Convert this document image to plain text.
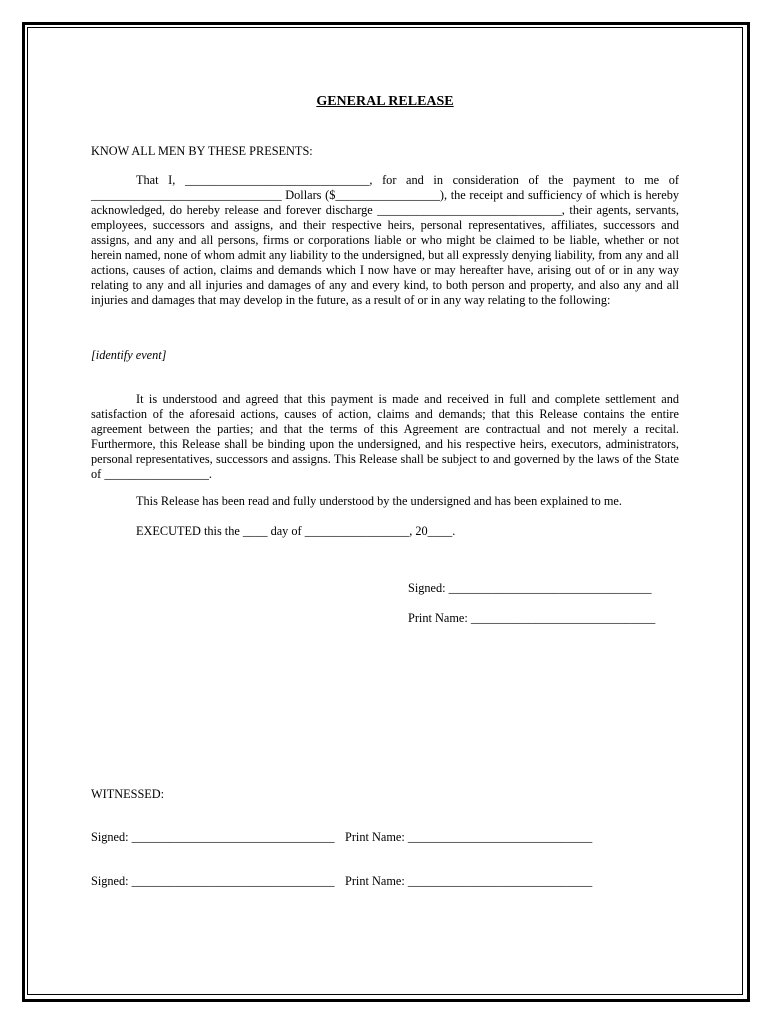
GENERAL RELEASE

KNOW ALL MEN BY THESE PRESENTS:

That I, ______________________________, for and in consideration of the payment to me of _______________________________ Dollars ($_________________), the receipt and sufficiency of which is hereby acknowledged, do hereby release and forever discharge ______________________________, their agents, servants, employees, successors and assigns, and their respective heirs, personal representatives, affiliates, successors and assigns, and any and all persons, firms or corporations liable or who might be claimed to be liable, whether or not herein named, none of whom admit any liability to the undersigned, but all expressly denying liability, from any and all actions, causes of action, claims and demands which I now have or may hereafter have, arising out of or in any way relating to any and all injuries and damages of any and every kind, to both person and property, and also any and all injuries and damages that may develop in the future, as a result of or in any way relating to the following:

[identify event]

It is understood and agreed that this payment is made and received in full and complete settlement and satisfaction of the aforesaid actions, causes of action, claims and demands; that this Release contains the entire agreement between the parties; and that the terms of this Agreement are contractual and not merely a recital. Furthermore, this Release shall be binding upon the undersigned, and his respective heirs, executors, administrators, personal representatives, successors and assigns. This Release shall be subject to and governed by the laws of the State of _________________.

This Release has been read and fully understood by the undersigned and has been explained to me.
EXECUTED this the ____ day of _________________, 20____.
Signed: _________________________________
Print Name: ______________________________
WITNESSED:
Signed: _________________________________ Print Name: ______________________________
Signed: _________________________________ Print Name: ______________________________
